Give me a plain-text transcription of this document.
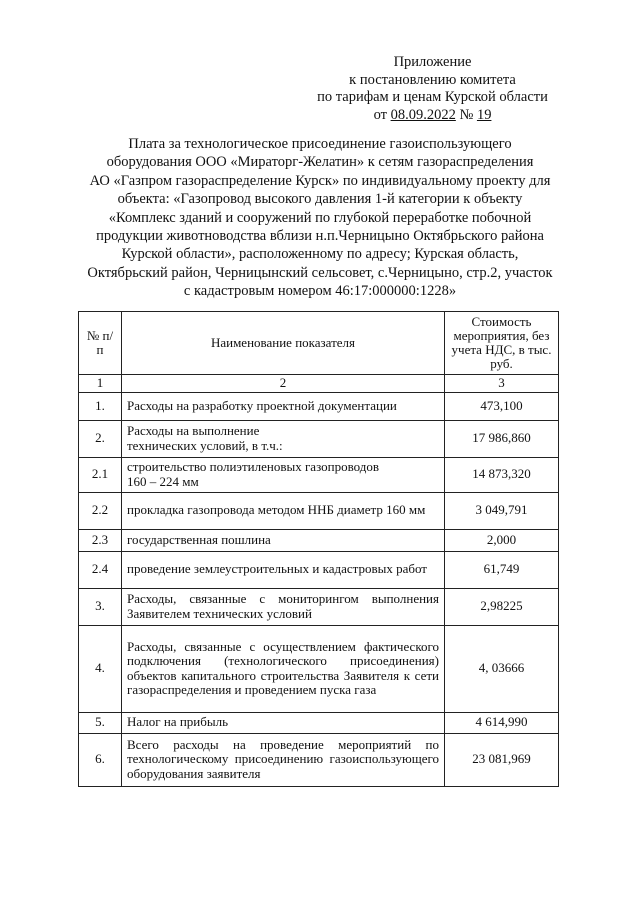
Приложение
к постановлению комитета
по тарифам и ценам Курской области
от 08.09.2022 № 19
Плата за технологическое присоединение газоиспользующего
оборудования ООО «Мираторг-Желатин» к сетям газораспределения
АО «Газпром газораспределение Курск» по индивидуальному проекту для
объекта: «Газопровод высокого давления 1-й категории к объекту
«Комплекс зданий и сооружений по глубокой переработке побочной
продукции животноводства вблизи н.п.Черницыно Октябрьского района
Курской области», расположенному по адресу; Курская область,
Октябрьский район, Черницынский сельсовет, с.Черницыно, стр.2, участок
с кадастровым номером 46:17:000000:1228»
№ п/п	Наименование показателя	Стоимость мероприятия, без учета НДС, в тыс. руб.
1	2	3
1.	Расходы на разработку проектной документации	473,100
2.	Расходы на выполнение технических условий, в т.ч.:	17 986,860
2.1	строительство полиэтиленовых газопроводов 160 – 224 мм	14 873,320
2.2	прокладка газопровода методом ННБ диаметр 160 мм	3 049,791
2.3	государственная пошлина	2,000
2.4	проведение землеустроительных и кадастровых работ	61,749
3.	Расходы, связанные с мониторингом выполнения Заявителем технических условий	2,98225
4.	Расходы, связанные с осуществлением фактического подключения (технологического присоединения) объектов капитального строительства Заявителя к сети газораспределения и проведением пуска газа	4, 03666
5.	Налог на прибыль	4 614,990
6.	Всего расходы на проведение мероприятий по технологическому присоединению газоиспользующего оборудования заявителя	23 081,969
